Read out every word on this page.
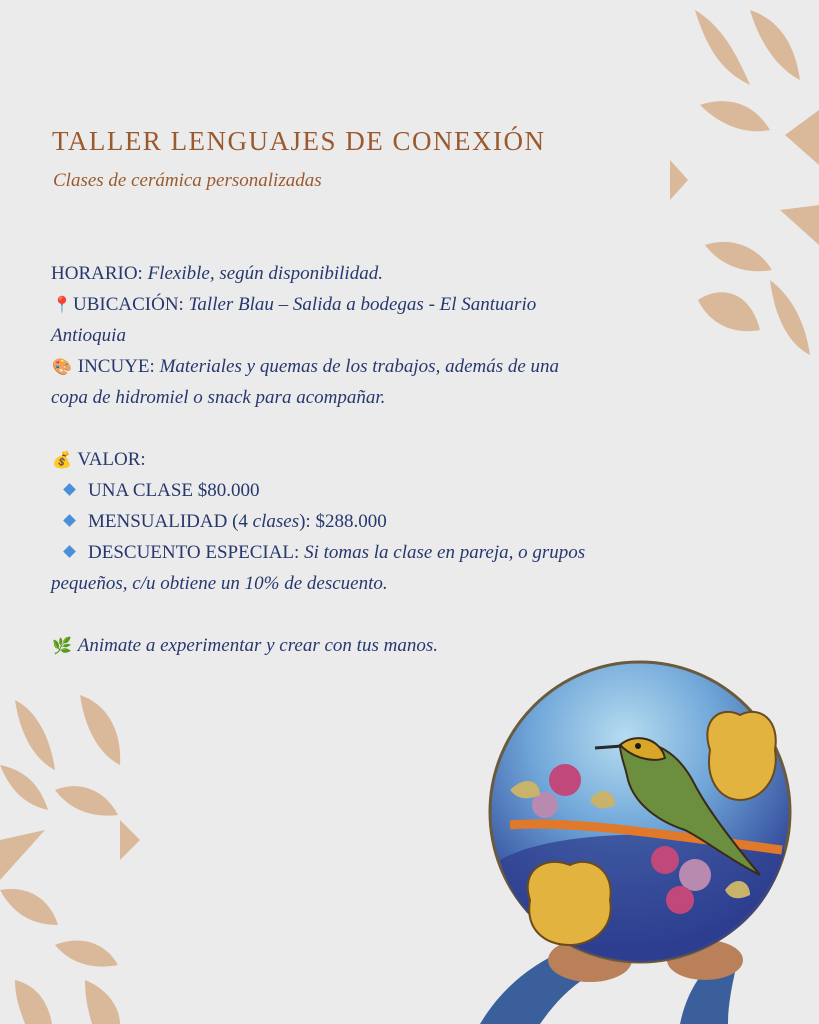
TALLER LENGUAJES DE CONEXIÓN

Clases de cerámica personalizadas

HORARIO: Flexible, según disponibilidad.

📍UBICACIÓN: Taller Blau – Salida a bodegas - El Santuario

Antioquia

🎨 INCUYE: Materiales y quemas de los trabajos, además de una

copa de hidromiel o snack para acompañar.

💰 VALOR:

UNA CLASE $80.000

MENSUALIDAD (4 clases): $288.000

DESCUENTO ESPECIAL: Si tomas la clase en pareja, o grupos

pequeños, c/u obtiene un 10% de descuento.

🌿 Animate a experimentar y crear con tus manos.
